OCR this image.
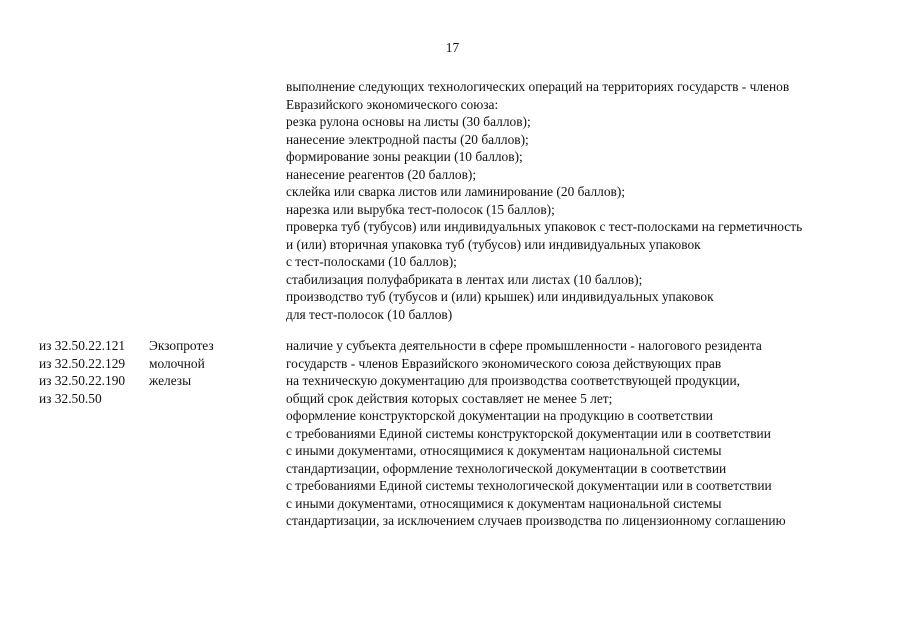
17
выполнение следующих технологических операций на территориях государств - членов
Евразийского экономического союза:
резка рулона основы на листы (30 баллов);
нанесение электродной пасты (20 баллов);
формирование зоны реакции (10 баллов);
нанесение реагентов (20 баллов);
склейка или сварка листов или ламинирование (20 баллов);
нарезка или вырубка тест-полосок (15 баллов);
проверка туб (тубусов) или индивидуальных упаковок с тест-полосками на герметичность
и (или) вторичная упаковка туб (тубусов) или индивидуальных упаковок
с тест-полосками (10 баллов);
стабилизация полуфабриката в лентах или листах (10 баллов);
производство туб (тубусов и (или) крышек) или индивидуальных упаковок
для тест-полосок (10 баллов)
из 32.50.22.121
из 32.50.22.129
из 32.50.22.190
из 32.50.50
Экзопротез
молочной
железы
наличие у субъекта деятельности в сфере промышленности - налогового резидента
государств - членов Евразийского экономического союза действующих прав
на техническую документацию для производства соответствующей продукции,
общий срок действия которых составляет не менее 5 лет;
оформление конструкторской документации на продукцию в соответствии
с требованиями Единой системы конструкторской документации или в соответствии
с иными документами, относящимися к документам национальной системы
стандартизации, оформление технологической документации в соответствии
с требованиями Единой системы технологической документации или в соответствии
с иными документами, относящимися к документам национальной системы
стандартизации, за исключением случаев производства по лицензионному соглашению
